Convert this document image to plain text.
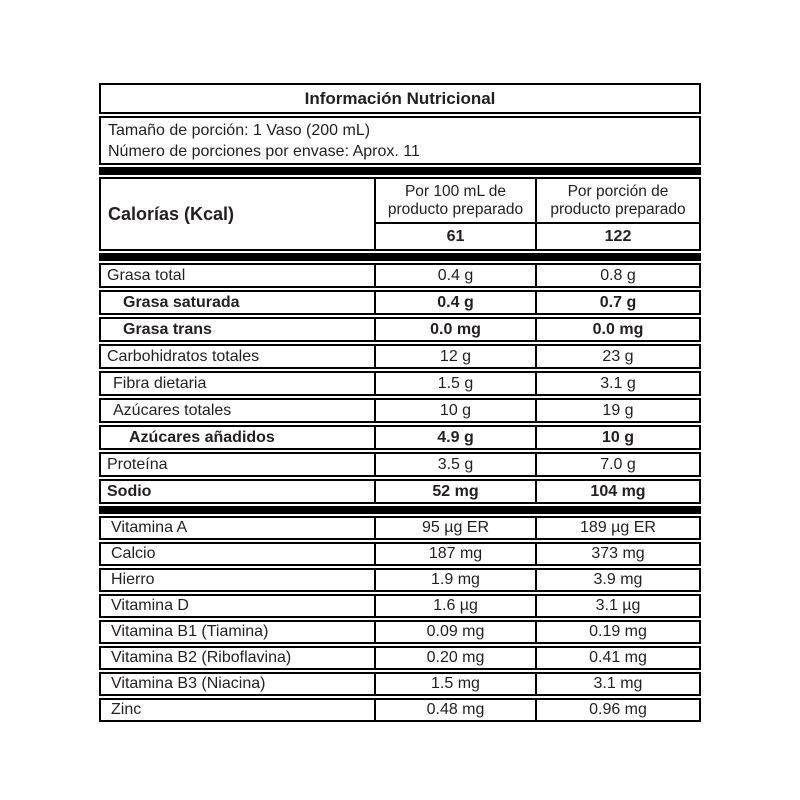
Información Nutricional
Tamaño de porción: 1 Vaso (200 mL)
Número de porciones por envase: Aprox. 11
Calorías (Kcal)
Por 100 mL de
producto preparado
Por porción de
producto preparado
61	122
Grasa total	0.4 g	0.8 g
Grasa saturada	0.4 g	0.7 g
Grasa trans	0.0 mg	0.0 mg
Carbohidratos totales	12 g	23 g
Fibra dietaria	1.5 g	3.1 g
Azúcares totales	10 g	19 g
Azúcares añadidos	4.9 g	10 g
Proteína	3.5 g	7.0 g
Sodio	52 mg	104 mg
Vitamina A	95 µg ER	189 µg ER
Calcio	187 mg	373 mg
Hierro	1.9 mg	3.9 mg
Vitamina D	1.6 µg	3.1 µg
Vitamina B1 (Tiamina)	0.09 mg	0.19 mg
Vitamina B2 (Riboflavina)	0.20 mg	0.41 mg
Vitamina B3 (Niacina)	1.5 mg	3.1 mg
Zinc	0.48 mg	0.96 mg
